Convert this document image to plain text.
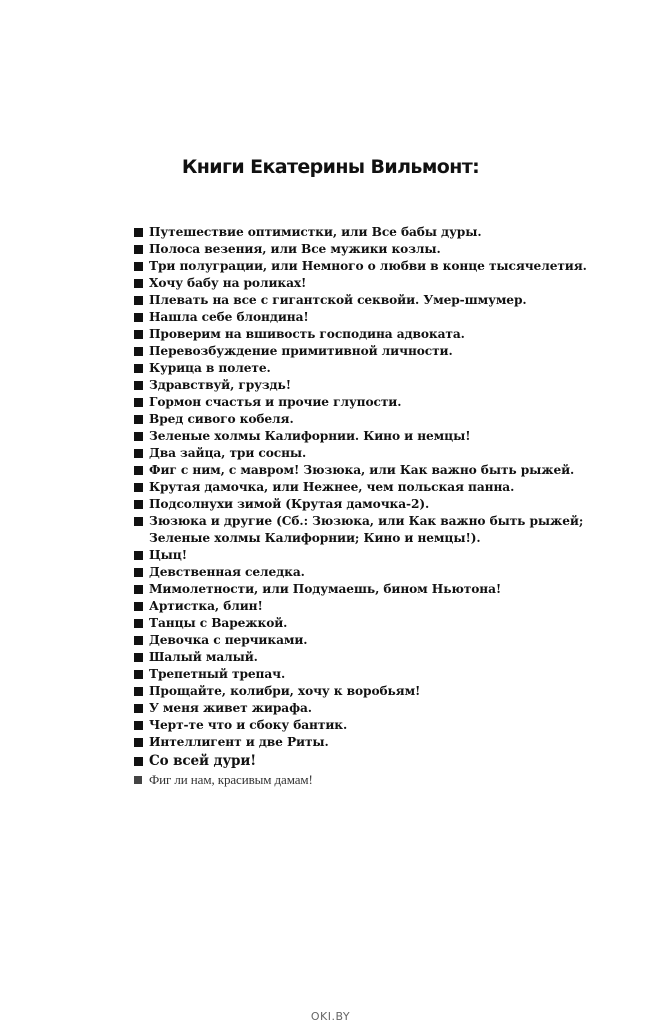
Книги Екатерины Вильмонт:
Путешествие оптимистки, или Все бабы дуры.
Полоса везения, или Все мужики козлы.
Три полуграции, или Немного о любви в конце тысячелетия.
Хочу бабу на роликах!
Плевать на все с гигантской секвойи. Умер-шмумер.
Нашла себе блондина!
Проверим на вшивость господина адвоката.
Перевозбуждение примитивной личности.
Курица в полете.
Здравствуй, груздь!
Гормон счастья и прочие глупости.
Вред сивого кобеля.
Зеленые холмы Калифорнии. Кино и немцы!
Два зайца, три сосны.
Фиг с ним, с мавром! Зюзюка, или Как важно быть рыжей.
Крутая дамочка, или Нежнее, чем польская панна.
Подсолнухи зимой (Крутая дамочка-2).
Зюзюка и другие (Сб.: Зюзюка, или Как важно быть рыжей; Зеленые холмы Калифорнии; Кино и немцы!).
Цыц!
Девственная селедка.
Мимолетности, или Подумаешь, бином Ньютона!
Артистка, блин!
Танцы с Варежкой.
Девочка с перчиками.
Шалый малый.
Трепетный трепач.
Прощайте, колибри, хочу к воробьям!
У меня живет жирафа.
Черт-те что и сбоку бантик.
Интеллигент и две Риты.
Со всей дури!
Фиг ли нам, красивым дамам!
OKI.BY
